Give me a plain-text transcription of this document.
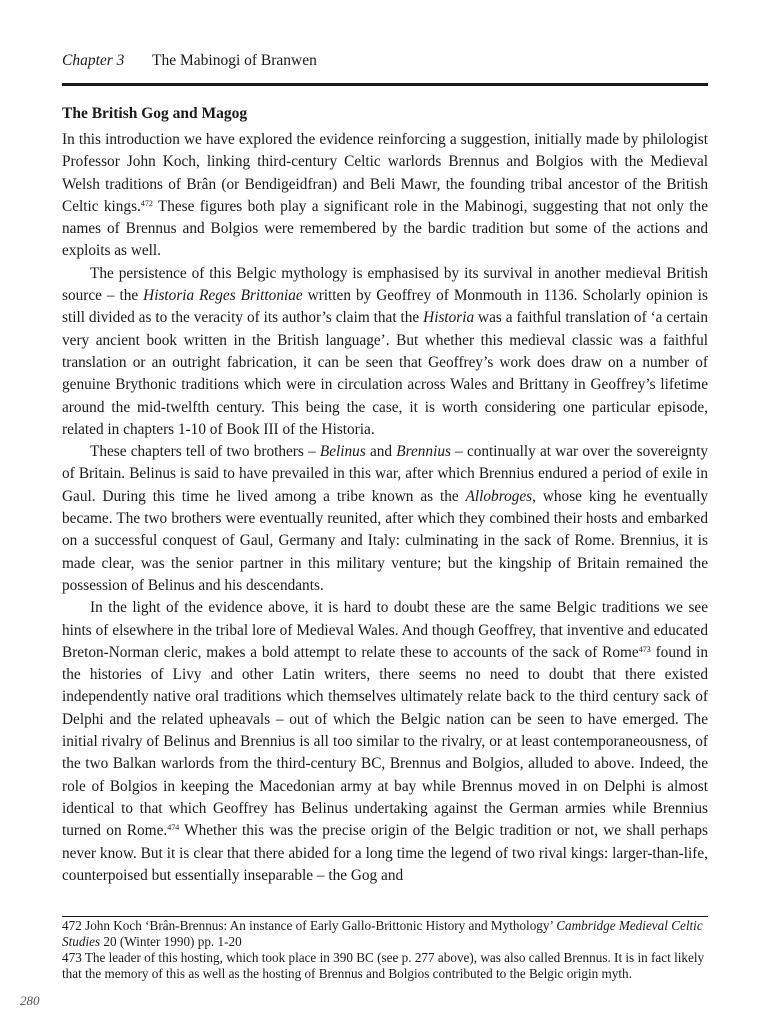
Chapter 3 The Mabinogi of Branwen
The British Gog and Magog

In this introduction we have explored the evidence reinforcing a suggestion, initially made by philologist Professor John Koch, linking third-century Celtic warlords Brennus and Bolgios with the Medieval Welsh traditions of Brân (or Bendigeidfran) and Beli Mawr, the founding tribal ancestor of the British Celtic kings.$^{472}$ These figures both play a significant role in the Mabinogi, suggesting that not only the names of Brennus and Bolgios were remembered by the bardic tradition but some of the actions and exploits as well.

The persistence of this Belgic mythology is emphasised by its survival in another medieval British source – the Historia Reges Brittoniae written by Geoffrey of Monmouth in 1136. Scholarly opinion is still divided as to the veracity of its author’s claim that the Historia was a faithful translation of ‘a certain very ancient book written in the British language’. But whether this medieval classic was a faithful translation or an outright fabrication, it can be seen that Geoffrey’s work does draw on a number of genuine Brythonic traditions which were in circulation across Wales and Brittany in Geoffrey’s lifetime around the mid-twelfth century. This being the case, it is worth considering one particular episode, related in chapters 1-10 of Book III of the Historia.

These chapters tell of two brothers – Belinus and Brennius – continually at war over the sovereignty of Britain. Belinus is said to have prevailed in this war, after which Brennius endured a period of exile in Gaul. During this time he lived among a tribe known as the Allobroges, whose king he eventually became. The two brothers were eventually reunited, after which they combined their hosts and embarked on a successful conquest of Gaul, Germany and Italy: culminating in the sack of Rome. Brennius, it is made clear, was the senior partner in this military venture; but the kingship of Britain remained the possession of Belinus and his descendants.

In the light of the evidence above, it is hard to doubt these are the same Belgic traditions we see hints of elsewhere in the tribal lore of Medieval Wales. And though Geoffrey, that inventive and educated Breton-Norman cleric, makes a bold attempt to relate these to accounts of the sack of Rome$^{473}$ found in the histories of Livy and other Latin writers, there seems no need to doubt that there existed independently native oral traditions which themselves ultimately relate back to the third century sack of Delphi and the related upheavals – out of which the Belgic nation can be seen to have emerged. The initial rivalry of Belinus and Brennius is all too similar to the rivalry, or at least contemporaneousness, of the two Balkan warlords from the third-century BC, Brennus and Bolgios, alluded to above. Indeed, the role of Bolgios in keeping the Macedonian army at bay while Brennus moved in on Delphi is almost identical to that which Geoffrey has Belinus undertaking against the German armies while Brennius turned on Rome.$^{474}$ Whether this was the precise origin of the Belgic tradition or not, we shall perhaps never know. But it is clear that there abided for a long time the legend of two rival kings: larger-than-life, counterpoised but essentially inseparable – the Gog and

472 John Koch ‘Brân-Brennus: An instance of Early Gallo-Brittonic History and Mythology’ Cambridge Medieval Celtic Studies 20 (Winter 1990) pp. 1-20

473 The leader of this hosting, which took place in 390 BC (see p. 277 above), was also called Brennus. It is in fact likely that the memory of this as well as the hosting of Brennus and Bolgios contributed to the Belgic origin myth.

280
